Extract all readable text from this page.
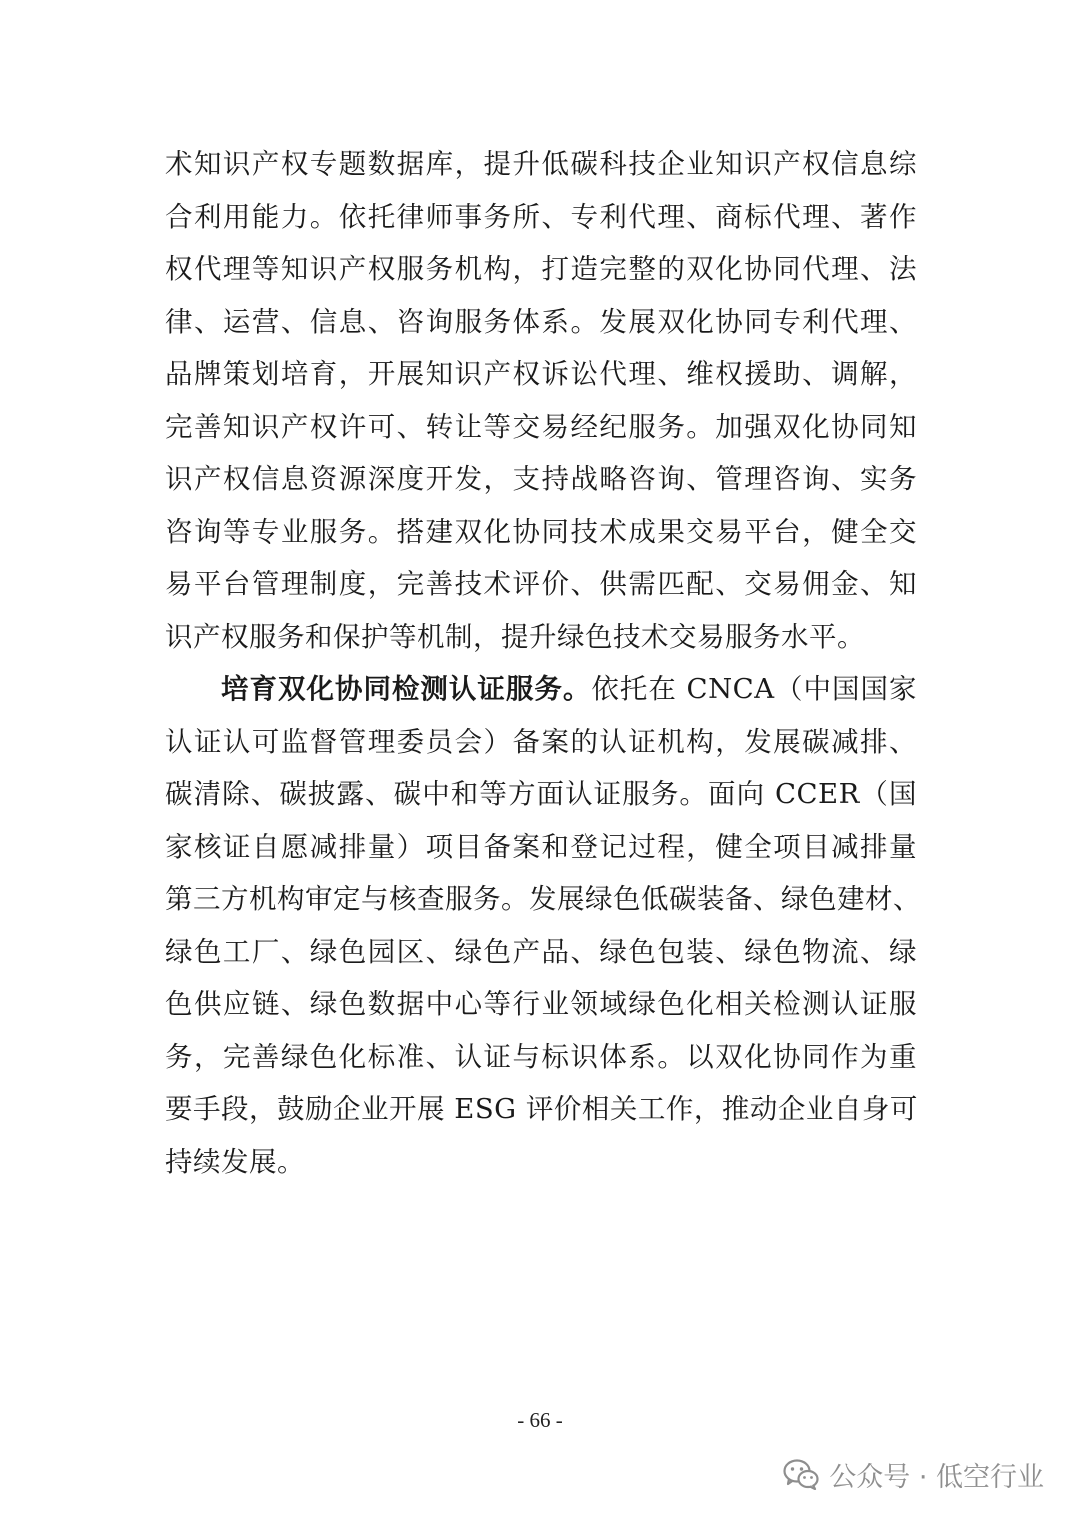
术知识产权专题数据库，提升低碳科技企业知识产权信息综
合利用能力。依托律师事务所、专利代理、商标代理、著作
权代理等知识产权服务机构，打造完整的双化协同代理、法
律、运营、信息、咨询服务体系。发展双化协同专利代理、
品牌策划培育，开展知识产权诉讼代理、维权援助、调解，
完善知识产权许可、转让等交易经纪服务。加强双化协同知
识产权信息资源深度开发，支持战略咨询、管理咨询、实务
咨询等专业服务。搭建双化协同技术成果交易平台，健全交
易平台管理制度，完善技术评价、供需匹配、交易佣金、知
识产权服务和保护等机制，提升绿色技术交易服务水平。
培育双化协同检测认证服务。依托在 CNCA（中国国家
认证认可监督管理委员会）备案的认证机构，发展碳减排、
碳清除、碳披露、碳中和等方面认证服务。面向 CCER（国
家核证自愿减排量）项目备案和登记过程，健全项目减排量
第三方机构审定与核查服务。发展绿色低碳装备、绿色建材、
绿色工厂、绿色园区、绿色产品、绿色包装、绿色物流、绿
色供应链、绿色数据中心等行业领域绿色化相关检测认证服
务，完善绿色化标准、认证与标识体系。以双化协同作为重
要手段，鼓励企业开展 ESG 评价相关工作，推动企业自身可
持续发展。
- 66 -
公众号 · 低空行业
